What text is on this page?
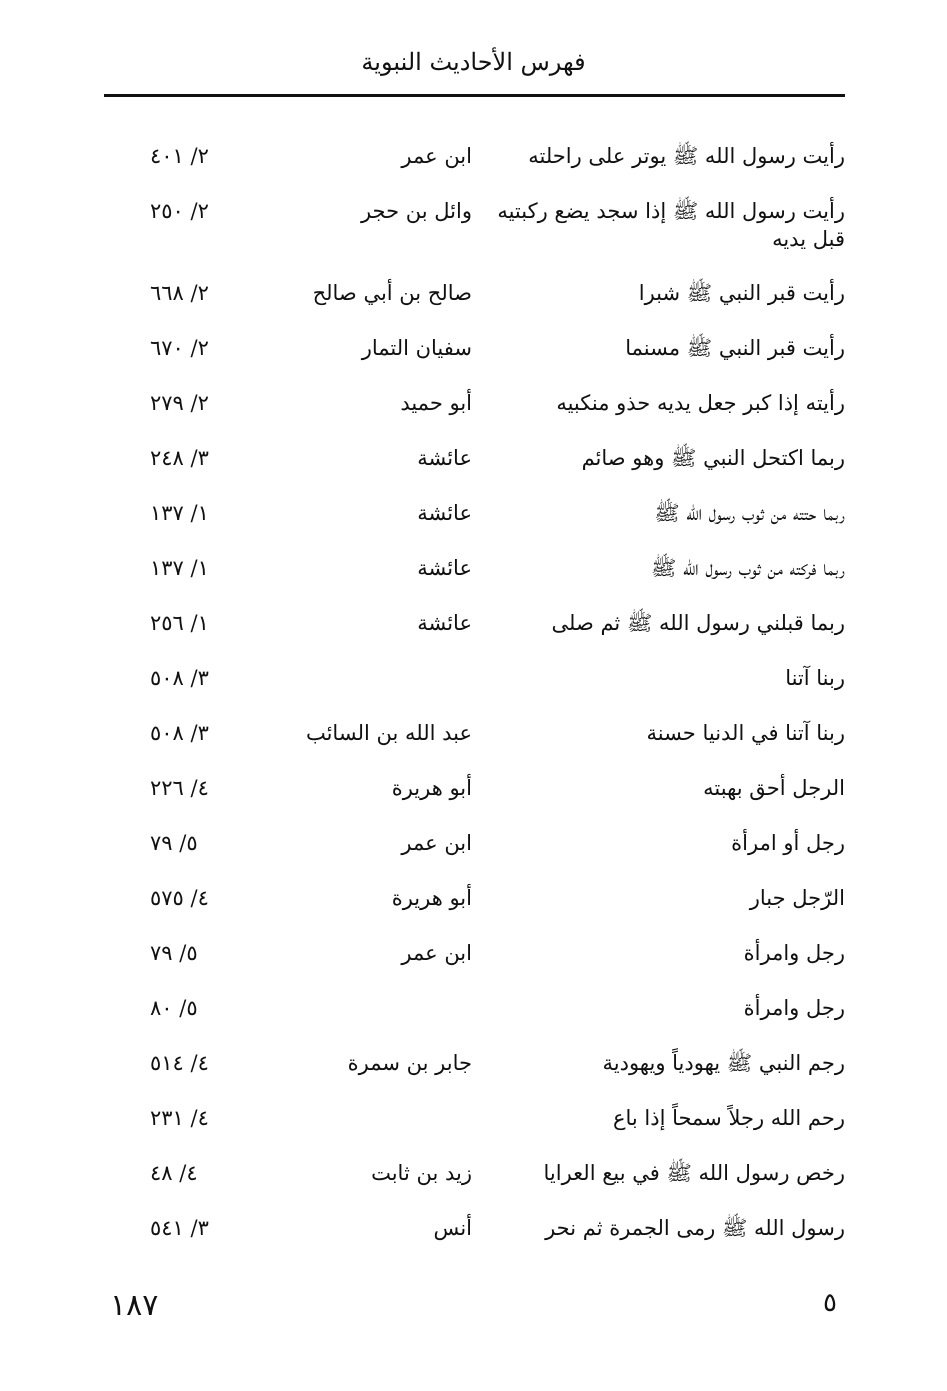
فهرس الأحاديث النبوية
رأيت رسول الله ﷺ يوتر على راحلته
ابن عمر
٢/ ٤٠١
رأيت رسول الله ﷺ إذا سجد يضع ركبتيه قبل يديه
وائل بن حجر
٢/ ٢٥٠
رأيت قبر النبي ﷺ شبرا
صالح بن أبي صالح
٢/ ٦٦٨
رأيت قبر النبي ﷺ مسنما
سفيان التمار
٢/ ٦٧٠
رأيته إذا كبر جعل يديه حذو منكبيه
أبو حميد
٢/ ٢٧٩
ربما اكتحل النبي ﷺ وهو صائم
عائشة
٣/ ٢٤٨
ربما حتته من ثوب رسول الله ﷺ
عائشة
١/ ١٣٧
ربما فركته من ثوب رسول الله ﷺ
عائشة
١/ ١٣٧
ربما قبلني رسول الله ﷺ ثم صلى
عائشة
١/ ٢٥٦
ربنا آتنا
٣/ ٥٠٨
ربنا آتنا في الدنيا حسنة
عبد الله بن السائب
٣/ ٥٠٨
الرجل أحق بهبته
أبو هريرة
٤/ ٢٢٦
رجل أو امرأة
ابن عمر
٥/ ٧٩
الرّجل جبار
أبو هريرة
٤/ ٥٧٥
رجل وامرأة
ابن عمر
٥/ ٧٩
رجل وامرأة
٥/ ٨٠
رجم النبي ﷺ يهودياً ويهودية
جابر بن سمرة
٤/ ٥١٤
رحم الله رجلاً سمحاً إذا باع
٤/ ٢٣١
رخص رسول الله ﷺ في بيع العرايا
زيد بن ثابت
٤/ ٤٨
رسول الله ﷺ رمى الجمرة ثم نحر
أنس
٣/ ٥٤١
١٨٧	٥
